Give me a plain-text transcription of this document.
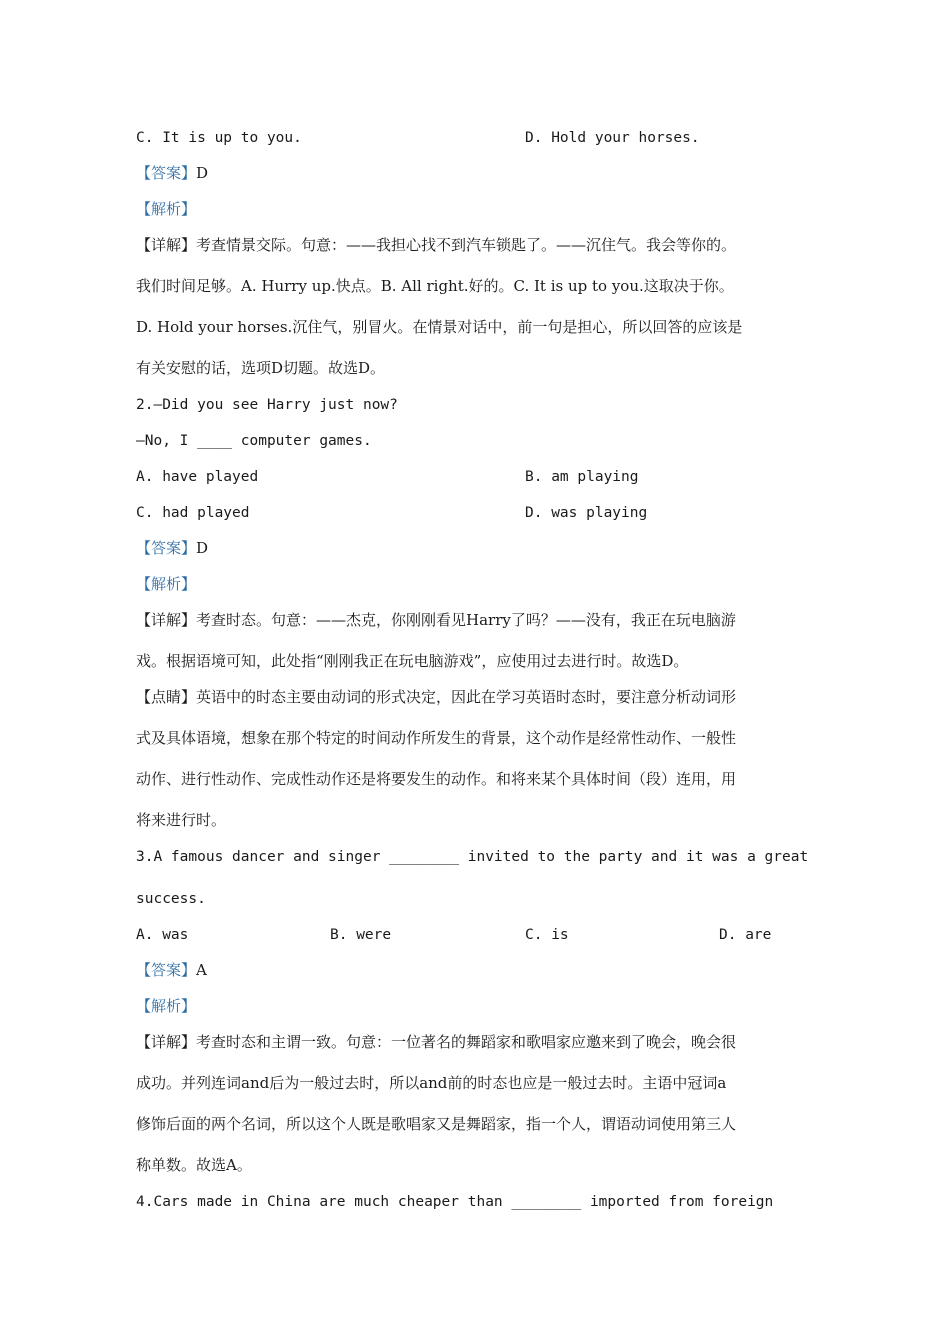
C. It is up to you.	D. Hold your horses.
【答案】D
【解析】
【详解】考查情景交际。句意：——我担心找不到汽车锁匙了。——沉住气。我会等你的。
我们时间足够。A. Hurry up.快点。B. All right.好的。C. It is up to you.这取决于你。
D. Hold your horses.沉住气，别冒火。在情景对话中，前一句是担心，所以回答的应该是
有关安慰的话，选项D切题。故选D。
2.—Did you see Harry just now?
—No, I ____ computer games.
A. have played	B. am playing
C. had played	D. was playing
【答案】D
【解析】
【详解】考查时态。句意：——杰克，你刚刚看见Harry了吗？——没有，我正在玩电脑游
戏。根据语境可知，此处指“刚刚我正在玩电脑游戏”，应使用过去进行时。故选D。
【点睛】英语中的时态主要由动词的形式决定，因此在学习英语时态时，要注意分析动词形
式及具体语境，想象在那个特定的时间动作所发生的背景，这个动作是经常性动作、一般性
动作、进行性动作、完成性动作还是将要发生的动作。和将来某个具体时间（段）连用，用
将来进行时。
3.A famous dancer and singer ________ invited to the party and it was a great
success.
A. was	B. were	C. is	D. are
【答案】A
【解析】
【详解】考查时态和主谓一致。句意：一位著名的舞蹈家和歌唱家应邀来到了晚会，晚会很
成功。并列连词and后为一般过去时，所以and前的时态也应是一般过去时。主语中冠词a
修饰后面的两个名词，所以这个人既是歌唱家又是舞蹈家，指一个人，谓语动词使用第三人
称单数。故选A。
4.Cars made in China are much cheaper than ________ imported from foreign
